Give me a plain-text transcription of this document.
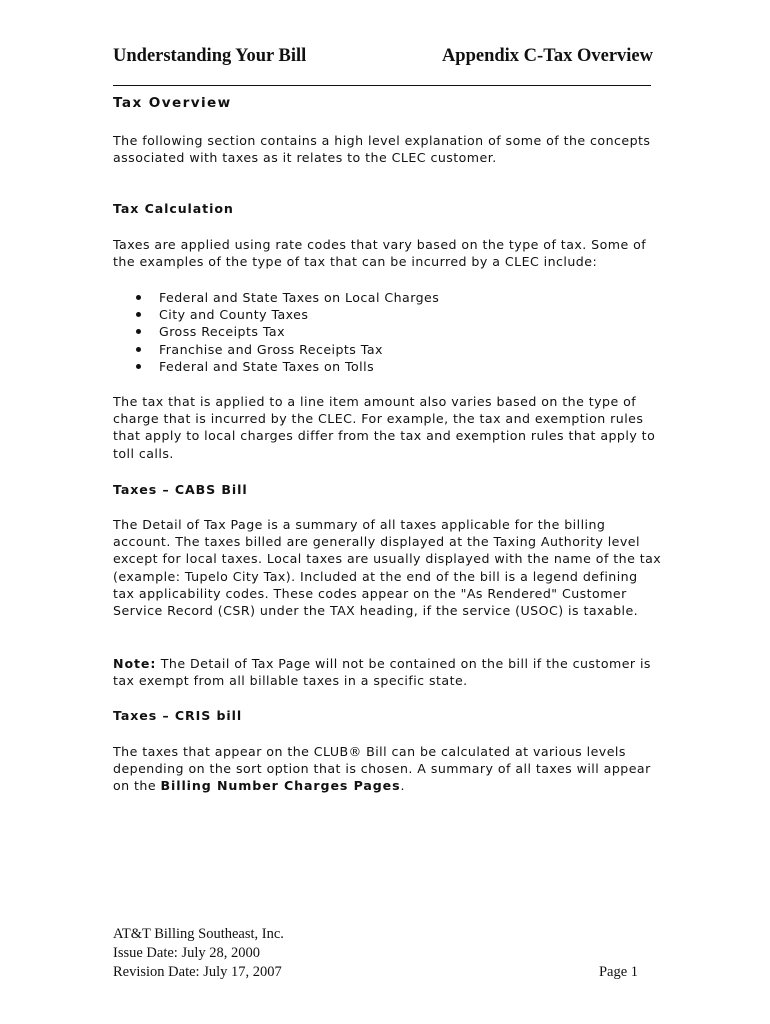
Understanding Your Bill	Appendix C-Tax Overview
Tax Overview

The following section contains a high level explanation of some of the concepts associated with taxes as it relates to the CLEC customer.

Tax Calculation

Taxes are applied using rate codes that vary based on the type of tax. Some of the examples of the type of tax that can be incurred by a CLEC include:

Federal and State Taxes on Local Charges
City and County Taxes
Gross Receipts Tax
Franchise and Gross Receipts Tax
Federal and State Taxes on Tolls

The tax that is applied to a line item amount also varies based on the type of charge that is incurred by the CLEC. For example, the tax and exemption rules that apply to local charges differ from the tax and exemption rules that apply to toll calls.

Taxes – CABS Bill

The Detail of Tax Page is a summary of all taxes applicable for the billing account. The taxes billed are generally displayed at the Taxing Authority level except for local taxes. Local taxes are usually displayed with the name of the tax (example: Tupelo City Tax). Included at the end of the bill is a legend defining tax applicability codes. These codes appear on the "As Rendered" Customer Service Record (CSR) under the TAX heading, if the service (USOC) is taxable.

Note: The Detail of Tax Page will not be contained on the bill if the customer is tax exempt from all billable taxes in a specific state.

Taxes – CRIS bill

The taxes that appear on the CLUB® Bill can be calculated at various levels depending on the sort option that is chosen. A summary of all taxes will appear on the Billing Number Charges Pages.

AT&T Billing Southeast, Inc.
Issue Date: July 28, 2000
Revision Date: July 17, 2007	Page 1
